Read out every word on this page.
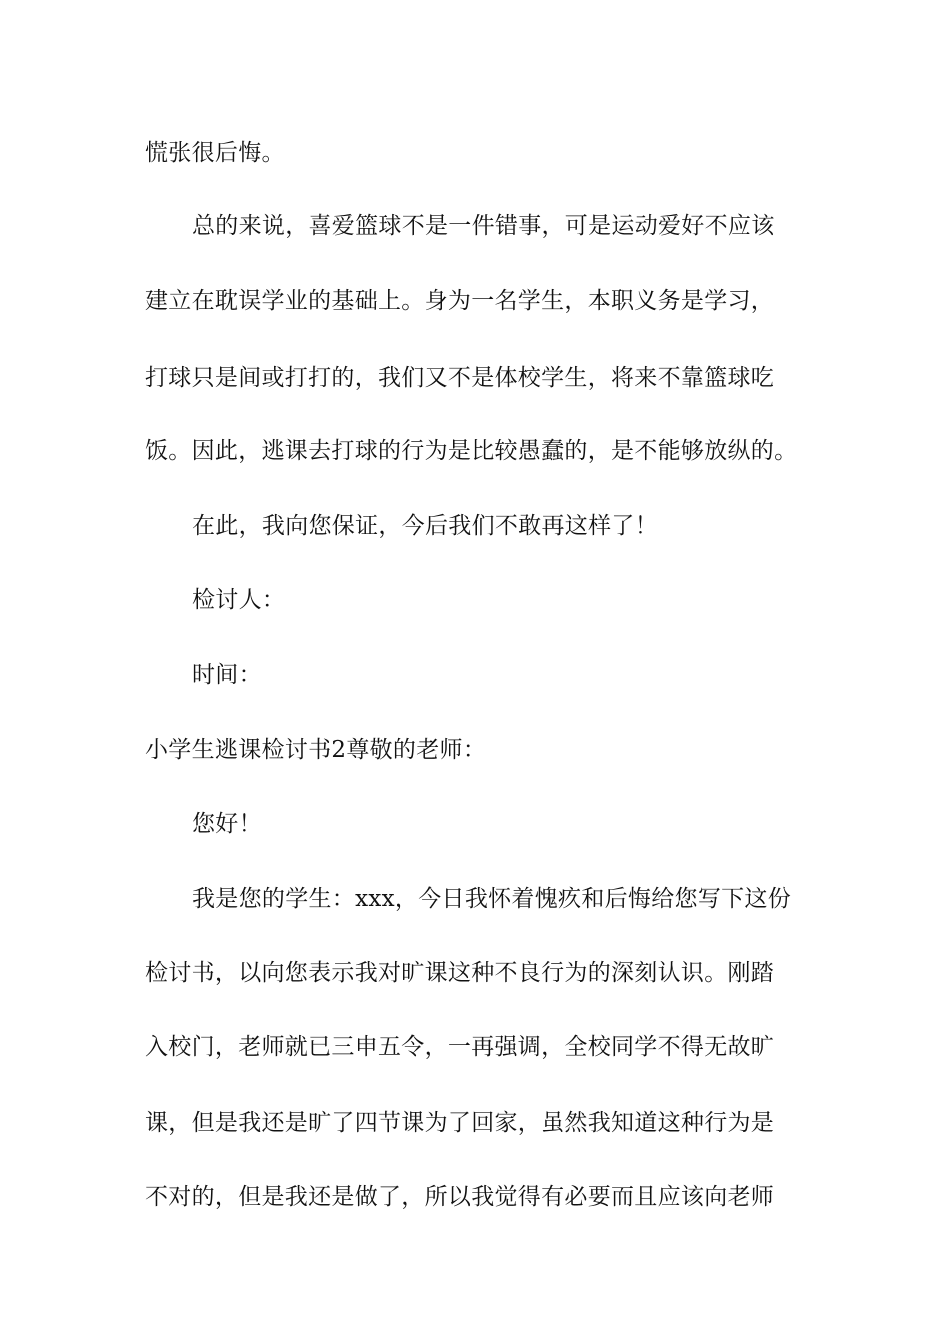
慌张很后悔。
总的来说，喜爱篮球不是一件错事，可是运动爱好不应该
建立在耽误学业的基础上。身为一名学生，本职义务是学习，
打球只是间或打打的，我们又不是体校学生，将来不靠篮球吃
饭。因此，逃课去打球的行为是比较愚蠢的，是不能够放纵的。
在此，我向您保证，今后我们不敢再这样了！
检讨人：
时间：
小学生逃课检讨书2尊敬的老师：
您好！
我是您的学生：xxx，今日我怀着愧疚和后悔给您写下这份
检讨书，以向您表示我对旷课这种不良行为的深刻认识。刚踏
入校门，老师就已三申五令，一再强调，全校同学不得无故旷
课，但是我还是旷了四节课为了回家，虽然我知道这种行为是
不对的，但是我还是做了，所以我觉得有必要而且应该向老师
